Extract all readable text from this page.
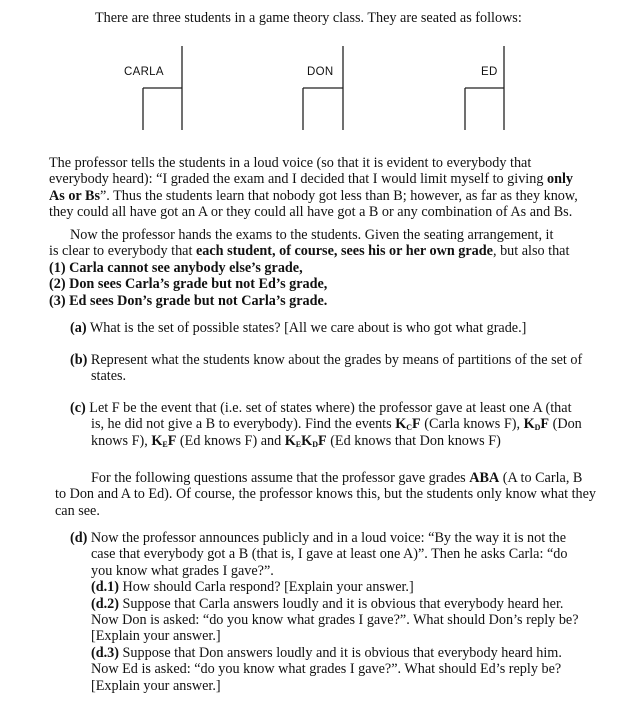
There are three students in a game theory class. They are seated as follows:
CARLA	DON	ED
The professor tells the students in a loud voice (so that it is evident to everybody that
everybody heard): “I graded the exam and I decided that I would limit myself to giving only
As or Bs”. Thus the students learn that nobody got less than B; however, as far as they know,
they could all have got an A or they could all have got a B or any combination of As and Bs.
Now the professor hands the exams to the students. Given the seating arrangement, it
is clear to everybody that each student, of course, sees his or her own grade, but also that
(1) Carla cannot see anybody else’s grade,
(2) Don sees Carla’s grade but not Ed’s grade,
(3) Ed sees Don’s grade but not Carla’s grade.
(a) What is the set of possible states? [All we care about is who got what grade.]
(b) Represent what the students know about the grades by means of partitions of the set of
states.
(c) Let F be the event that (i.e. set of states where) the professor gave at least one A (that
is, he did not give a B to everybody). Find the events $K_CF$ (Carla knows F), $K_DF$ (Don
knows F), $K_EF$ (Ed knows F) and $K_EK_DF$ (Ed knows that Don knows F)
For the following questions assume that the professor gave grades ABA (A to Carla, B
to Don and A to Ed). Of course, the professor knows this, but the students only know what they
can see.
(d) Now the professor announces publicly and in a loud voice: “By the way it is not the
case that everybody got a B (that is, I gave at least one A)”. Then he asks Carla: “do
you know what grades I gave?”.
(d.1) How should Carla respond? [Explain your answer.]
(d.2) Suppose that Carla answers loudly and it is obvious that everybody heard her.
Now Don is asked: “do you know what grades I gave?”. What should Don’s reply be?
[Explain your answer.]
(d.3) Suppose that Don answers loudly and it is obvious that everybody heard him.
Now Ed is asked: “do you know what grades I gave?”. What should Ed’s reply be?
[Explain your answer.]
